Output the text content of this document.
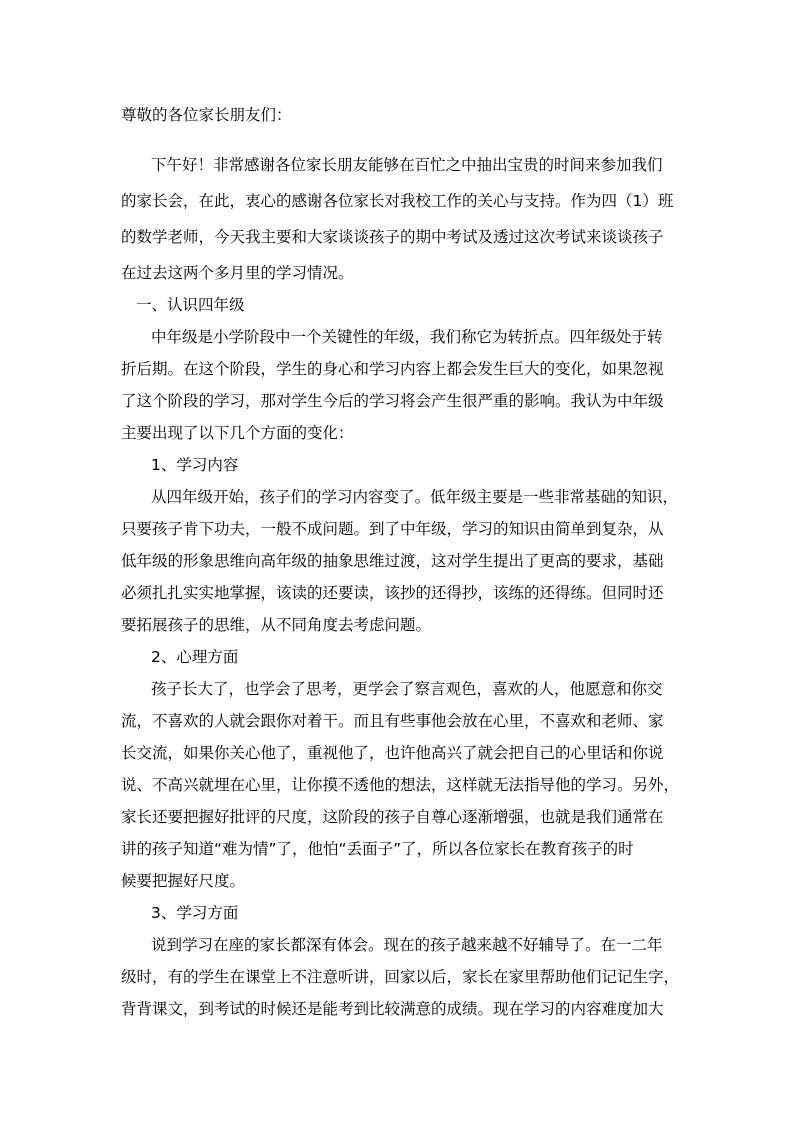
尊敬的各位家长朋友们：
下午好！非常感谢各位家长朋友能够在百忙之中抽出宝贵的时间来参加我们
的家长会，在此，衷心的感谢各位家长对我校工作的关心与支持。作为四（1）班
的数学老师，今天我主要和大家谈谈孩子的期中考试及透过这次考试来谈谈孩子
在过去这两个多月里的学习情况。
一、认识四年级
中年级是小学阶段中一个关键性的年级，我们称它为转折点。四年级处于转
折后期。在这个阶段，学生的身心和学习内容上都会发生巨大的变化，如果忽视
了这个阶段的学习，那对学生今后的学习将会产生很严重的影响。我认为中年级
主要出现了以下几个方面的变化：
1、学习内容
从四年级开始，孩子们的学习内容变了。低年级主要是一些非常基础的知识，
只要孩子肯下功夫，一般不成问题。到了中年级，学习的知识由简单到复杂，从
低年级的形象思维向高年级的抽象思维过渡，这对学生提出了更高的要求，基础
必须扎扎实实地掌握，该读的还要读，该抄的还得抄，该练的还得练。但同时还
要拓展孩子的思维，从不同角度去考虑问题。
2、心理方面
孩子长大了，也学会了思考，更学会了察言观色，喜欢的人，他愿意和你交
流，不喜欢的人就会跟你对着干。而且有些事他会放在心里，不喜欢和老师、家
长交流，如果你关心他了，重视他了，也许他高兴了就会把自己的心里话和你说
说、不高兴就埋在心里，让你摸不透他的想法，这样就无法指导他的学习。另外，
家长还要把握好批评的尺度，这阶段的孩子自尊心逐渐增强，也就是我们通常在
讲的孩子知道“难为情”了，他怕“丢面子”了，所以各位家长在教育孩子的时
候要把握好尺度。
3、学习方面
说到学习在座的家长都深有体会。现在的孩子越来越不好辅导了。在一二年
级时，有的学生在课堂上不注意听讲，回家以后，家长在家里帮助他们记记生字，
背背课文，到考试的时候还是能考到比较满意的成绩。现在学习的内容难度加大
